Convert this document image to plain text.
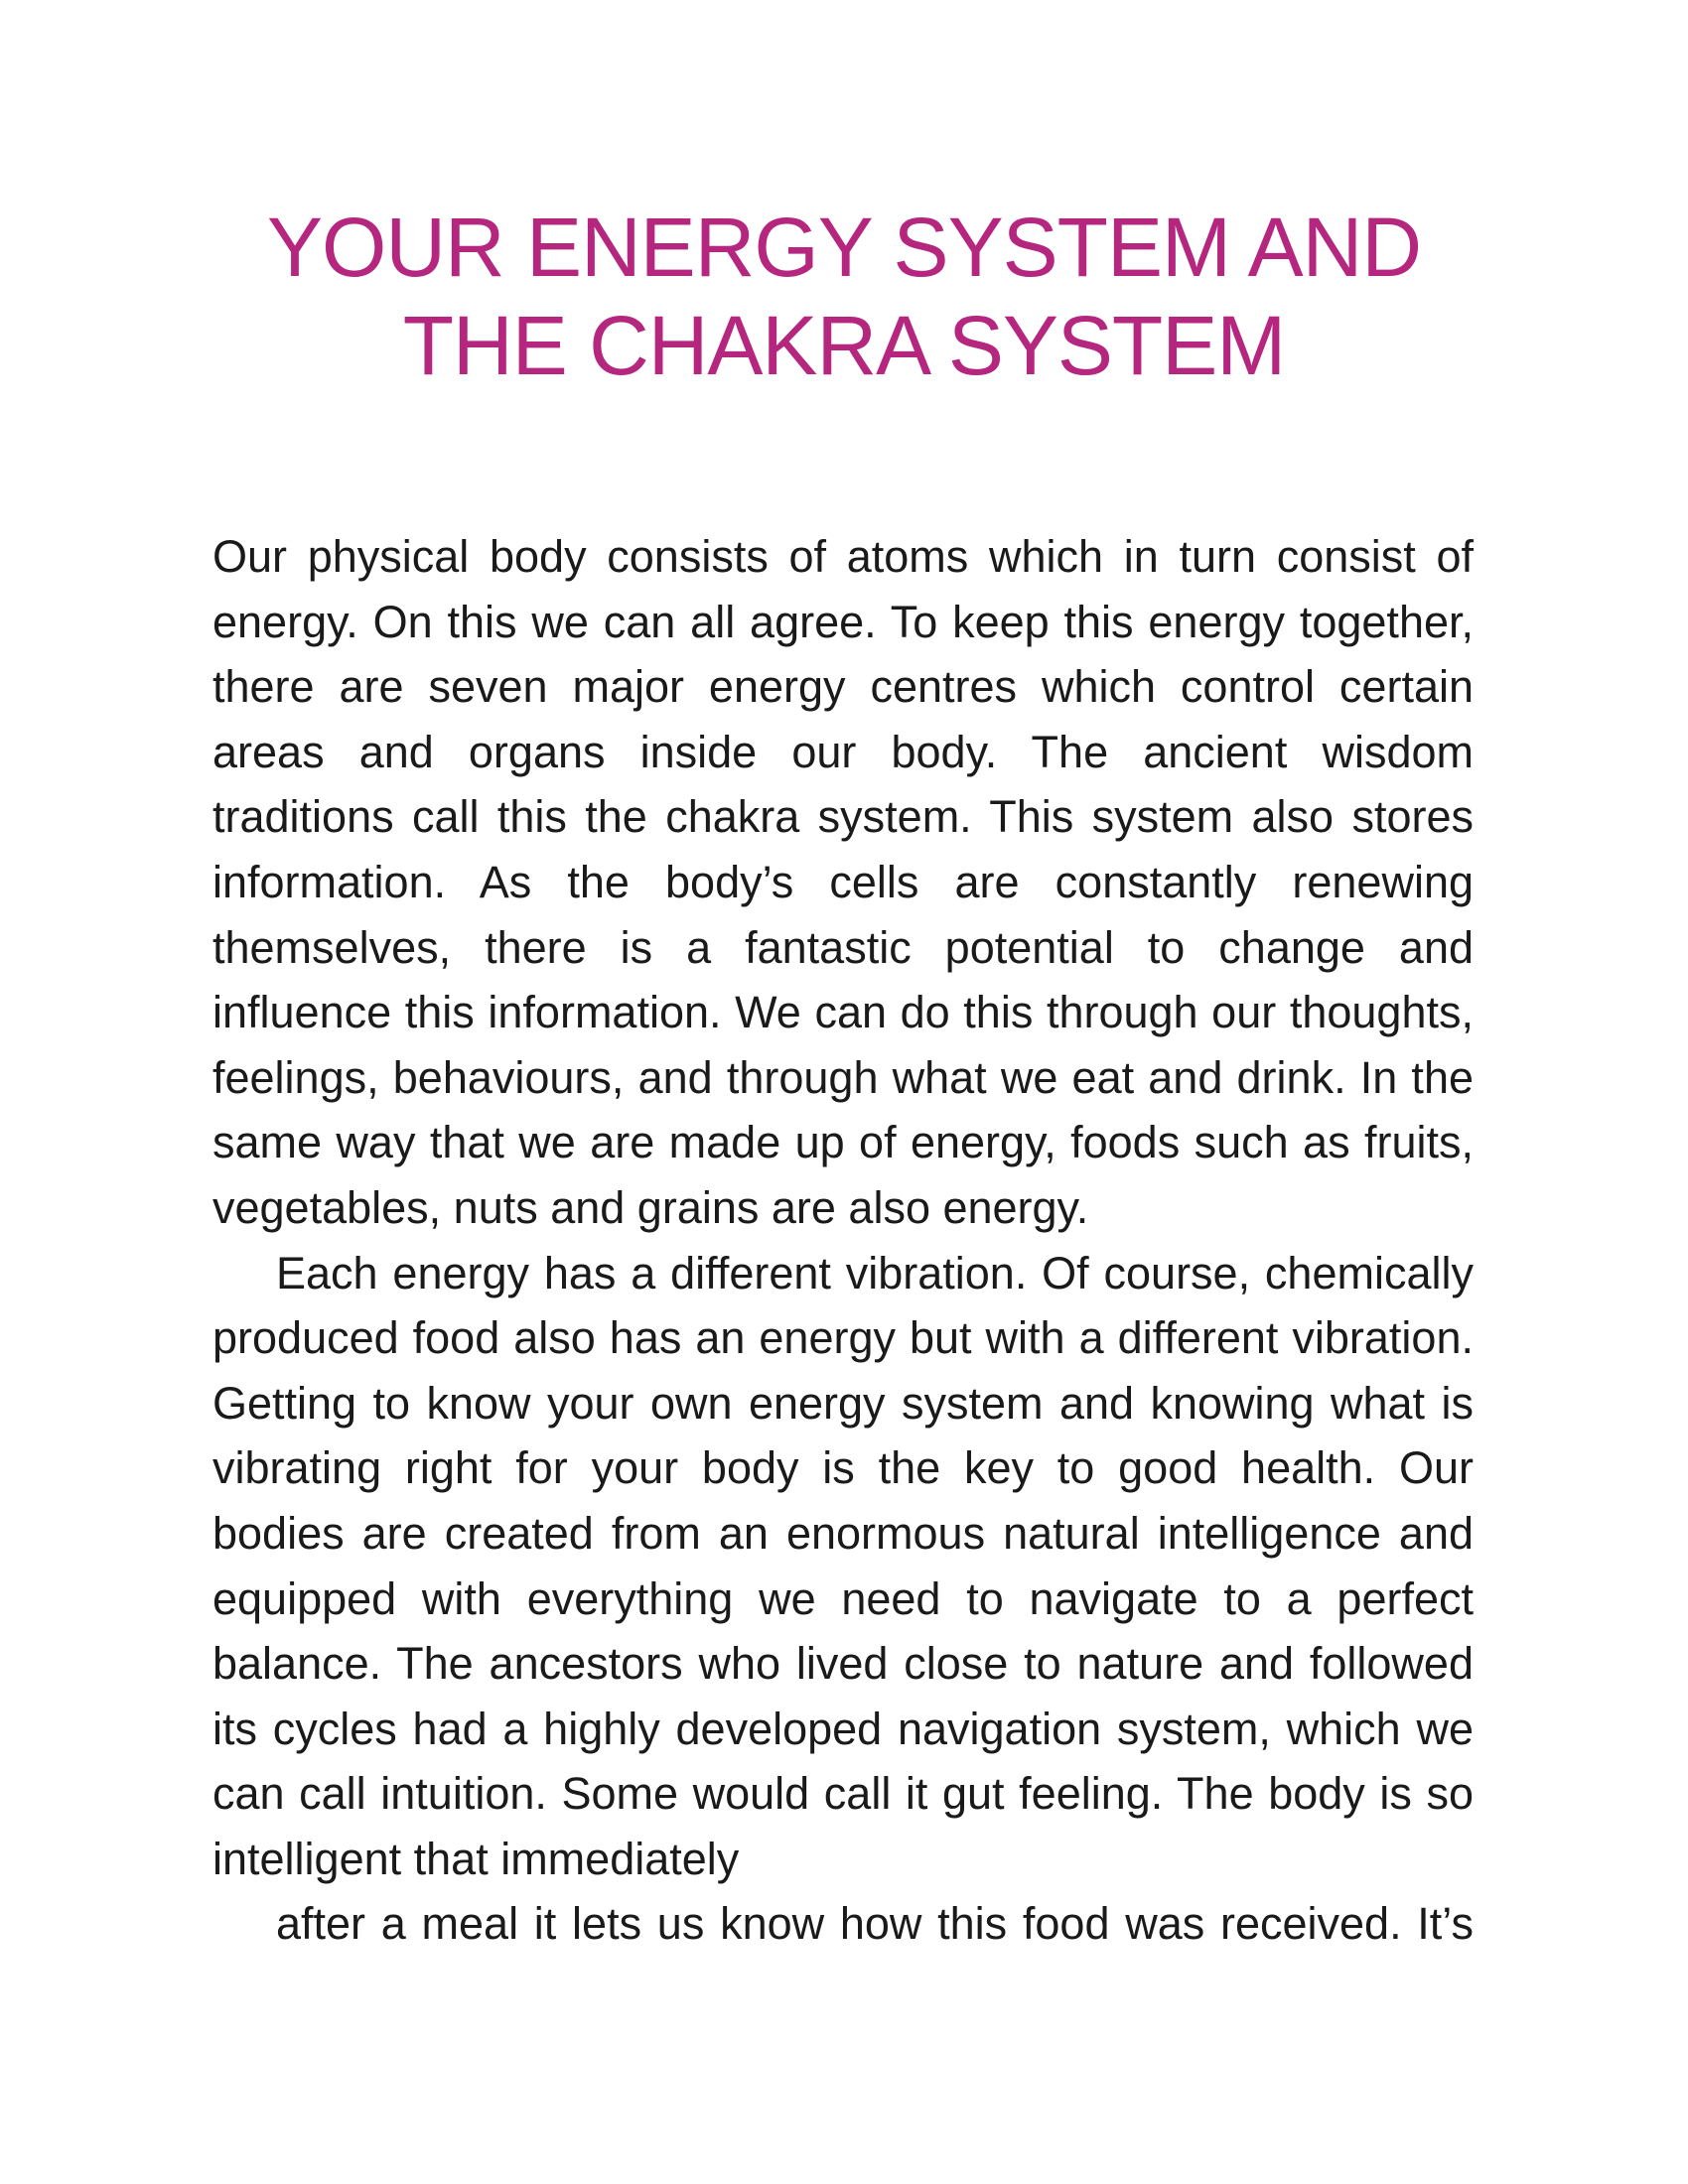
YOUR ENERGY SYSTEM AND
THE CHAKRA SYSTEM

Our physical body consists of atoms which in turn consist of energy. On this we can all agree. To keep this energy together, there are seven major energy centres which control certain areas and organs inside our body. The ancient wisdom traditions call this the chakra system. This system also stores information. As the body’s cells are constantly renewing themselves, there is a fantastic potential to change and influence this information. We can do this through our thoughts, feelings, behaviours, and through what we eat and drink. In the same way that we are made up of energy, foods such as fruits, vegetables, nuts and grains are also energy.

Each energy has a different vibration. Of course, chemically produced food also has an energy but with a different vibration. Getting to know your own energy system and knowing what is vibrating right for your body is the key to good health. Our bodies are created from an enormous natural intelligence and equipped with everything we need to navigate to a perfect balance. The ancestors who lived close to nature and followed its cycles had a highly developed navigation system, which we can call intuition. Some would call it gut feeling. The body is so intelligent that immediately
after a meal it lets us know how this food was received. It’s
